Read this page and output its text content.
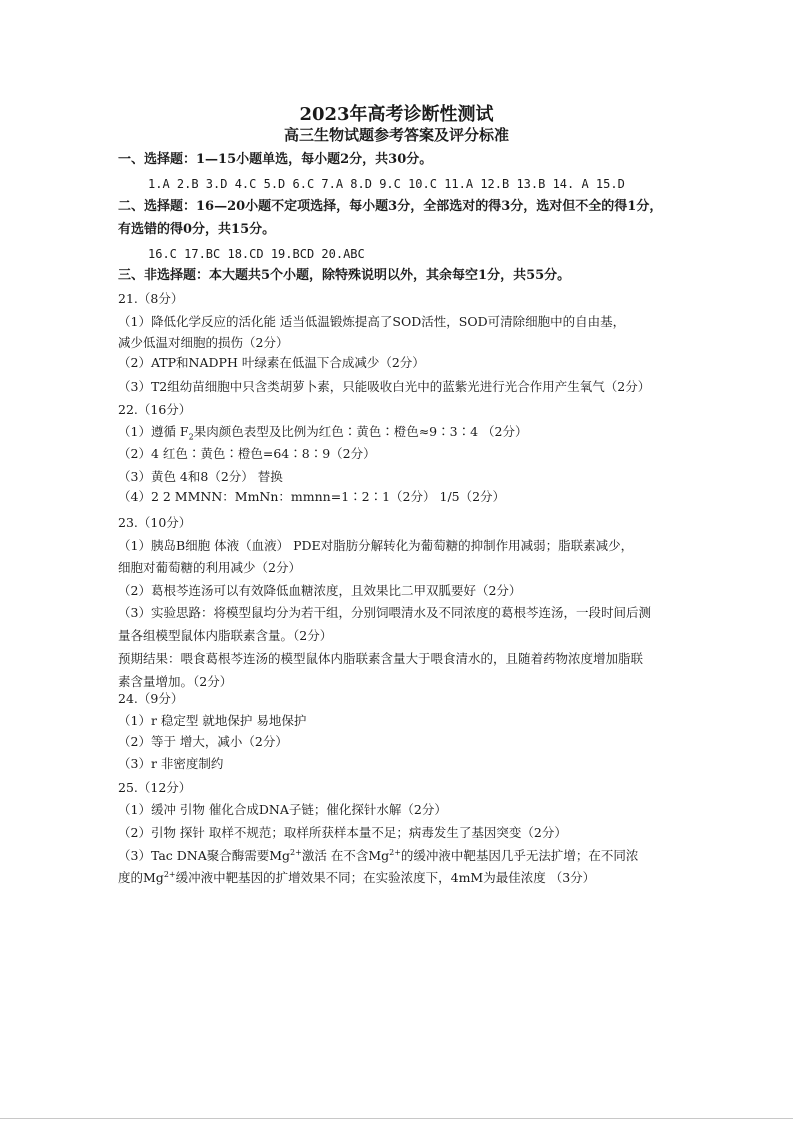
2023年高考诊断性测试
高三生物试题参考答案及评分标准
一、选择题：1—15小题单选，每小题2分，共30分。
1.A 2.B 3.D 4.C 5.D 6.C 7.A 8.D 9.C 10.C 11.A 12.B 13.B 14. A 15.D
二、选择题：16—20小题不定项选择，每小题3分，全部选对的得3分，选对但不全的得1分，
有选错的得0分，共15分。
16.C 17.BC 18.CD 19.BCD 20.ABC
三、非选择题：本大题共5个小题，除特殊说明以外，其余每空1分，共55分。
21.（8分）
（1）降低化学反应的活化能 适当低温锻炼提高了SOD活性，SOD可清除细胞中的自由基，
减少低温对细胞的损伤（2分）
（2）ATP和NADPH 叶绿素在低温下合成减少（2分）
（3）T2组幼苗细胞中只含类胡萝卜素，只能吸收白光中的蓝紫光进行光合作用产生氧气（2分）
22.（16分）
（1）遵循 $F_2$果肉颜色表型及比例为红色∶黄色∶橙色≈9∶3∶4 （2分）
（2）4 红色∶黄色∶橙色=64∶8∶9（2分）
（3）黄色 4和8（2分） 替换
（4）2 2 MMNN：MmNn：mmnn=1∶2∶1（2分） 1/5（2分）
23.（10分）
（1）胰岛B细胞 体液（血液） PDE对脂肪分解转化为葡萄糖的抑制作用减弱；脂联素减少，
细胞对葡萄糖的利用减少（2分）
（2）葛根芩连汤可以有效降低血糖浓度，且效果比二甲双胍要好（2分）
（3）实验思路：将模型鼠均分为若干组，分别饲喂清水及不同浓度的葛根芩连汤，一段时间后测
量各组模型鼠体内脂联素含量。（2分）
预期结果：喂食葛根芩连汤的模型鼠体内脂联素含量大于喂食清水的，且随着药物浓度增加脂联
素含量增加。（2分）
24.（9分）
（1）r 稳定型 就地保护 易地保护
（2）等于 增大，减小（2分）
（3）r 非密度制约
25.（12分）
（1）缓冲 引物 催化合成DNA子链；催化探针水解（2分）
（2）引物 探针 取样不规范；取样所获样本量不足；病毒发生了基因突变（2分）
（3）Tac DNA聚合酶需要$Mg^{2+}$激活 在不含$Mg^{2+}$的缓冲液中靶基因几乎无法扩增；在不同浓
度的$Mg^{2+}$缓冲液中靶基因的扩增效果不同；在实验浓度下，4mM为最佳浓度 （3分）
